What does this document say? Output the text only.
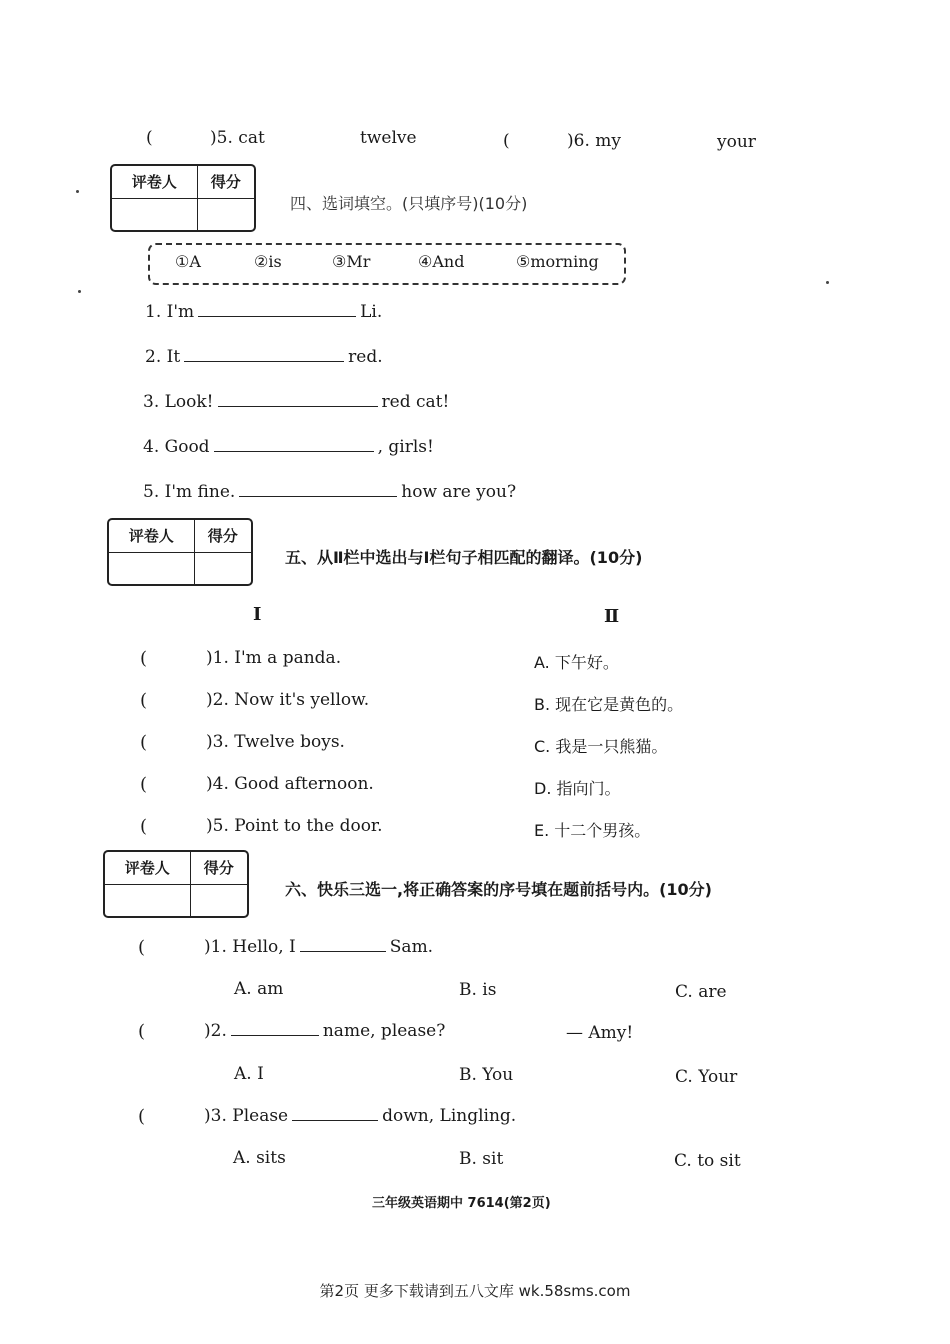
(	)5. cat	twelve	(	)6. my	your
评卷人	得分

四、选词填空。(只填序号)(10分)
①A	②is	③Mr	④And	⑤morning
1. I'm	Li.
2. It	red.
3. Look!	red cat!
4. Good	, girls!
5. I'm fine.	how are you?
评卷人	得分

五、从Ⅱ栏中选出与Ⅰ栏句子相匹配的翻译。(10分)
Ⅰ	Ⅱ
(	)1. I'm a panda.	A. 下午好。
(	)2. Now it's yellow.	B. 现在它是黄色的。
(	)3. Twelve boys.	C. 我是一只熊猫。
(	)4. Good afternoon.	D. 指向门。
(	)5. Point to the door.	E. 十二个男孩。
评卷人	得分

六、快乐三选一,将正确答案的序号填在题前括号内。(10分)
(	)1. Hello, I	Sam.
A. am	B. is	C. are
(	)2.	name, please?	— Amy!
A. I	B. You	C. Your
(	)3. Please	down, Lingling.
A. sits	B. sit	C. to sit
三年级英语期中 7614(第2页)
第2页 更多下载请到五八文库 wk.58sms.com
